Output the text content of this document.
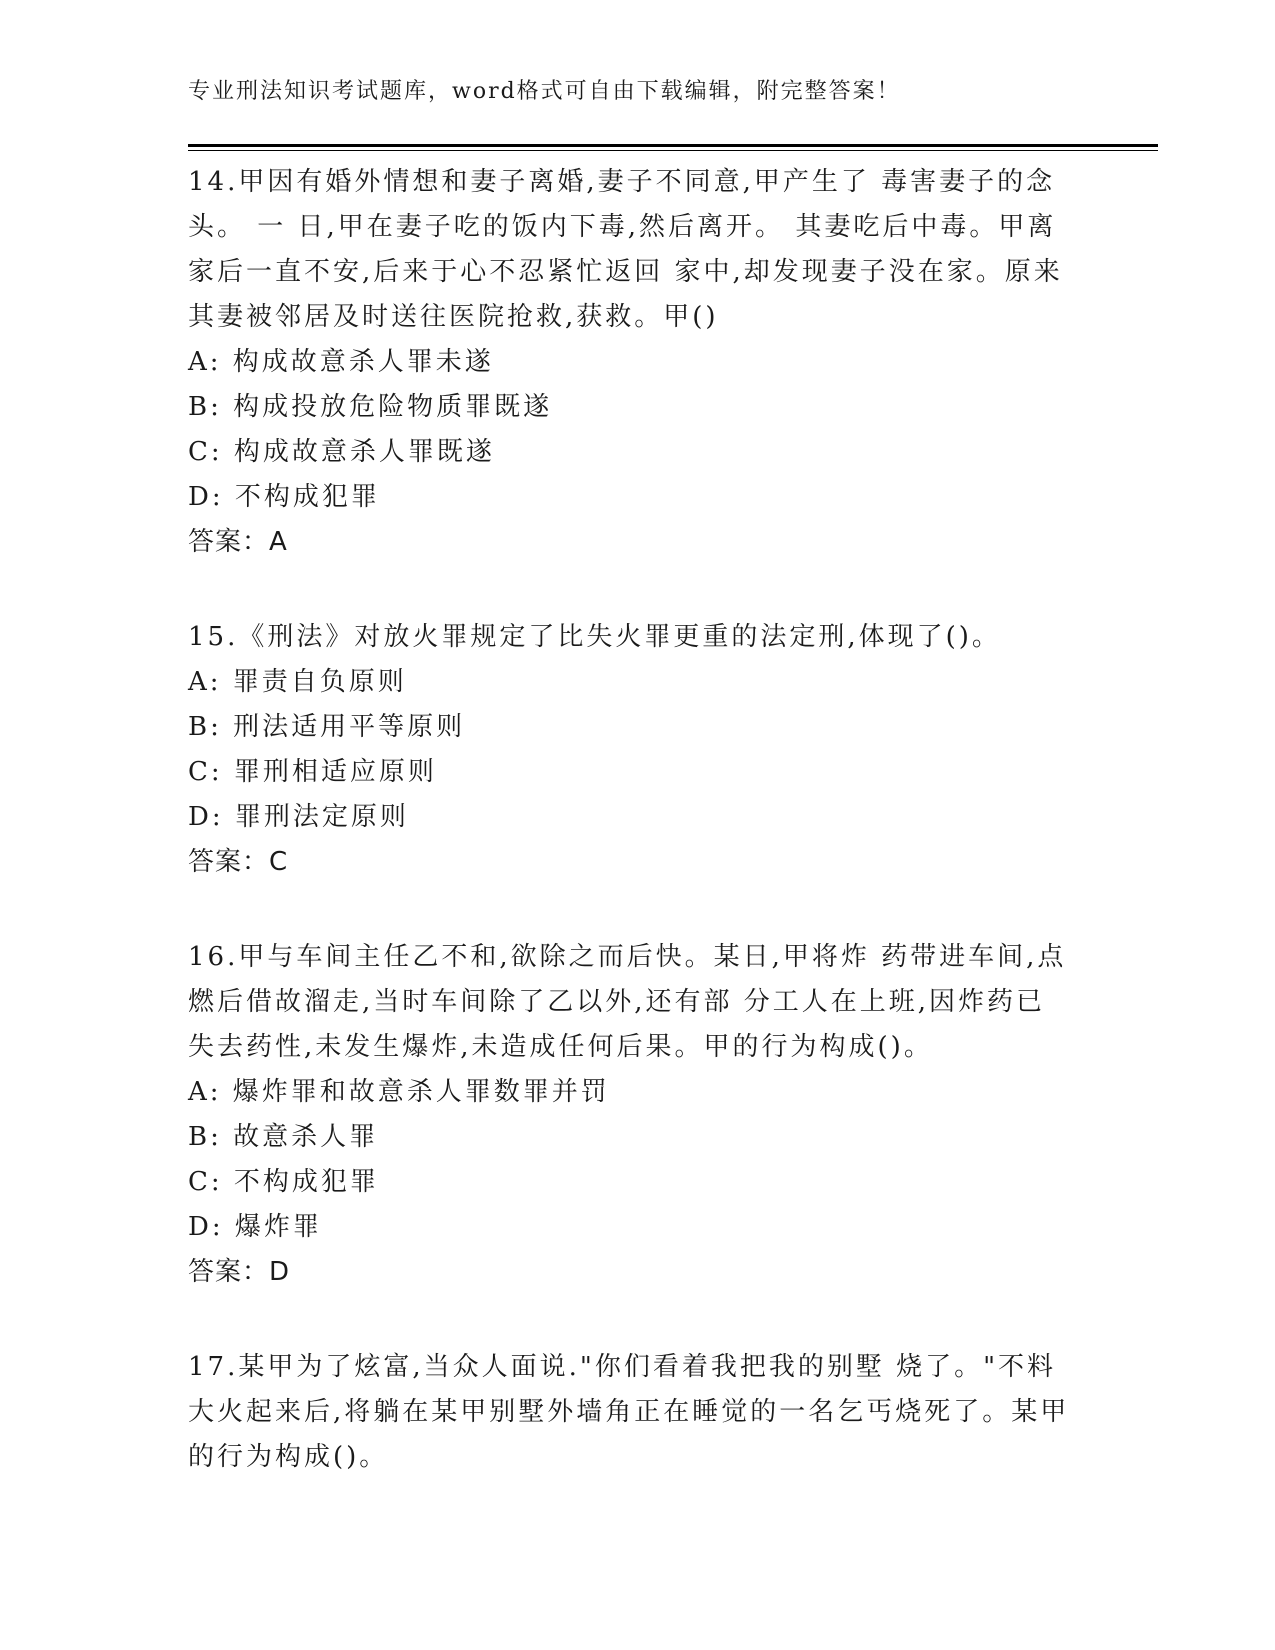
专业刑法知识考试题库，word格式可自由下载编辑，附完整答案！
14.甲因有婚外情想和妻子离婚,妻子不同意,甲产生了 毒害妻子的念
头。 一 日,甲在妻子吃的饭内下毒,然后离开。 其妻吃后中毒。甲离
家后一直不安,后来于心不忍紧忙返回 家中,却发现妻子没在家。原来
其妻被邻居及时送往医院抢救,获救。甲()
A: 构成故意杀人罪未遂
B: 构成投放危险物质罪既遂
C: 构成故意杀人罪既遂
D: 不构成犯罪
答案：A
15.《刑法》对放火罪规定了比失火罪更重的法定刑,体现了()。
A: 罪责自负原则
B: 刑法适用平等原则
C: 罪刑相适应原则
D: 罪刑法定原则
答案：C
16.甲与车间主任乙不和,欲除之而后快。某日,甲将炸 药带进车间,点
燃后借故溜走,当时车间除了乙以外,还有部 分工人在上班,因炸药已
失去药性,未发生爆炸,未造成任何后果。甲的行为构成()。
A: 爆炸罪和故意杀人罪数罪并罚
B: 故意杀人罪
C: 不构成犯罪
D: 爆炸罪
答案：D
17.某甲为了炫富,当众人面说."你们看着我把我的别墅 烧了。"不料
大火起来后,将躺在某甲别墅外墙角正在睡觉的一名乞丐烧死了。某甲
的行为构成()。
